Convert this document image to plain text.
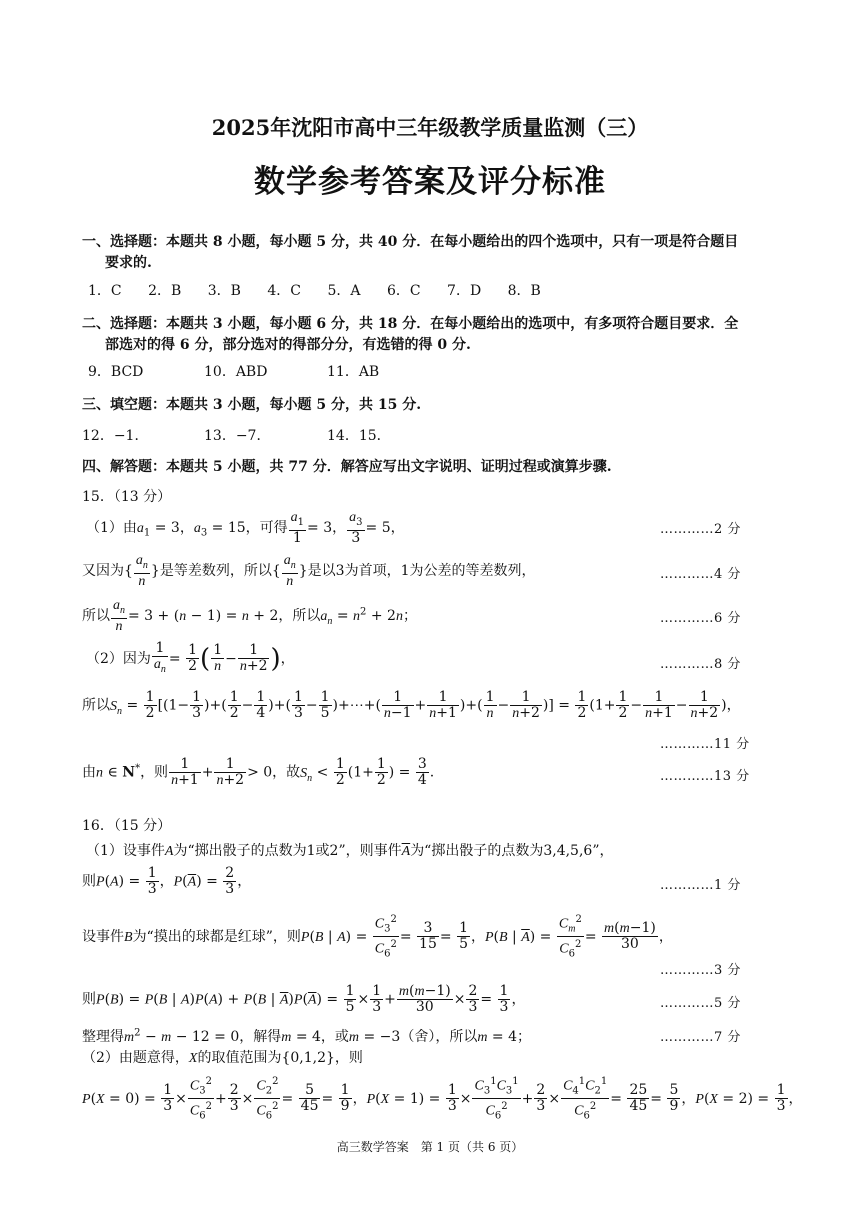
2025年沈阳市高中三年级教学质量监测（三）
数学参考答案及评分标准
一、选择题：本题共 8 小题，每小题 5 分，共 40 分．在每小题给出的四个选项中，只有一项是符合题目
要求的.
1．C 2．B 3．B 4．C 5．A 6．C 7．D 8．B
二、选择题：本题共 3 小题，每小题 6 分，共 18 分．在每小题给出的选项中，有多项符合题目要求．全
部选对的得 6 分，部分选对的得部分分，有选错的得 0 分.
9．BCD	10．ABD	11．AB
三、填空题：本题共 3 小题，每小题 5 分，共 15 分.
12．−1．	13．−7．	14．15．
四、解答题：本题共 5 小题，共 77 分．解答应写出文字说明、证明过程或演算步骤.
15．（13 分）
（1）由$a_1 = 3$，$a_3 = 15$，可得 $\frac{a_1}{1} = 3$， $\frac{a_3}{3} = 5$，	…………2 分
又因为{ $\frac{a_n}{n}$ }是等差数列，所以{ $\frac{a_n}{n}$ }是以3为首项，1为公差的等差数列，	…………4 分
所以 $\frac{a_n}{n} = 3 + (n - 1) = n + 2$，所以$a_n = n^2 + 2n$；	…………6 分
（2）因为 $\frac{1}{a_n} = \frac{1}{2}$ ( $\frac{1}{n} - \frac{1}{n+2}$ )，	…………8 分
所以$S_n = \frac{1}{2} [(1- \frac{1}{3}$ )+( $\frac{1}{2} - \frac{1}{4}$ )+( $\frac{1}{3} - \frac{1}{5}$ )+⋯+( $\frac{1}{n-1} + \frac{1}{n+1}$ )+( $\frac{1}{n} - \frac{1}{n+2}$ )] = $\frac{1}{2} (1+ \frac{1}{2} - \frac{1}{n+1} - \frac{1}{n+2}$ )，
…………11 分
由n ∈ N*，则 $\frac{1}{n+1} + \frac{1}{n+2} > 0$，故$S_n < \frac{1}{2} (1+ \frac{1}{2}$ ) = $\frac{3}{4}$ .	…………13 分
16．（15 分）
（1）设事件A为“掷出骰子的点数为1或2”，则事件$\overline{A}$为“掷出骰子的点数为3,4,5,6”，
则$P(A) = \frac{1}{3}$ ，$P(\overline{A}) = \frac{2}{3}$ ，	…………1 分
设事件B为“摸出的球都是红球”，则P(B | $A) = \frac{C_3^2}{C_6^2} = \frac{3}{15} = \frac{1}{5}$ ，P(B | $\overline{A}) = \frac{C_m^2}{C_6^2} = \frac{m(m-1)}{30}$ ，
…………3 分
则P(B) = P(B | A)P(A) + P(B | $\overline{A})P(\overline{A}) = \frac{1}{5} \times \frac{1}{3} + \frac{m(m-1)}{30} \times \frac{2}{3} = \frac{1}{3}$ ，	…………5 分
整理得$m^2 - m - 12 = 0$，解得m = 4，或m = −3（舍），所以m = 4；	…………7 分
（2）由题意得，X的取值范围为{0,1,2}，则
$P(X = 0) = \frac{1}{3} \times \frac{C_3^2}{C_6^2} + \frac{2}{3} \times \frac{C_2^2}{C_6^2} = \frac{5}{45} = \frac{1}{9}$ ，$P(X = 1) = \frac{1}{3} \times \frac{C_3^1C_3^1}{C_6^2} + \frac{2}{3} \times \frac{C_4^1C_2^1}{C_6^2} = \frac{25}{45} = \frac{5}{9}$ ，$P(X = 2) = \frac{1}{3}$ ，
高三数学答案　第 1 页（共 6 页）
